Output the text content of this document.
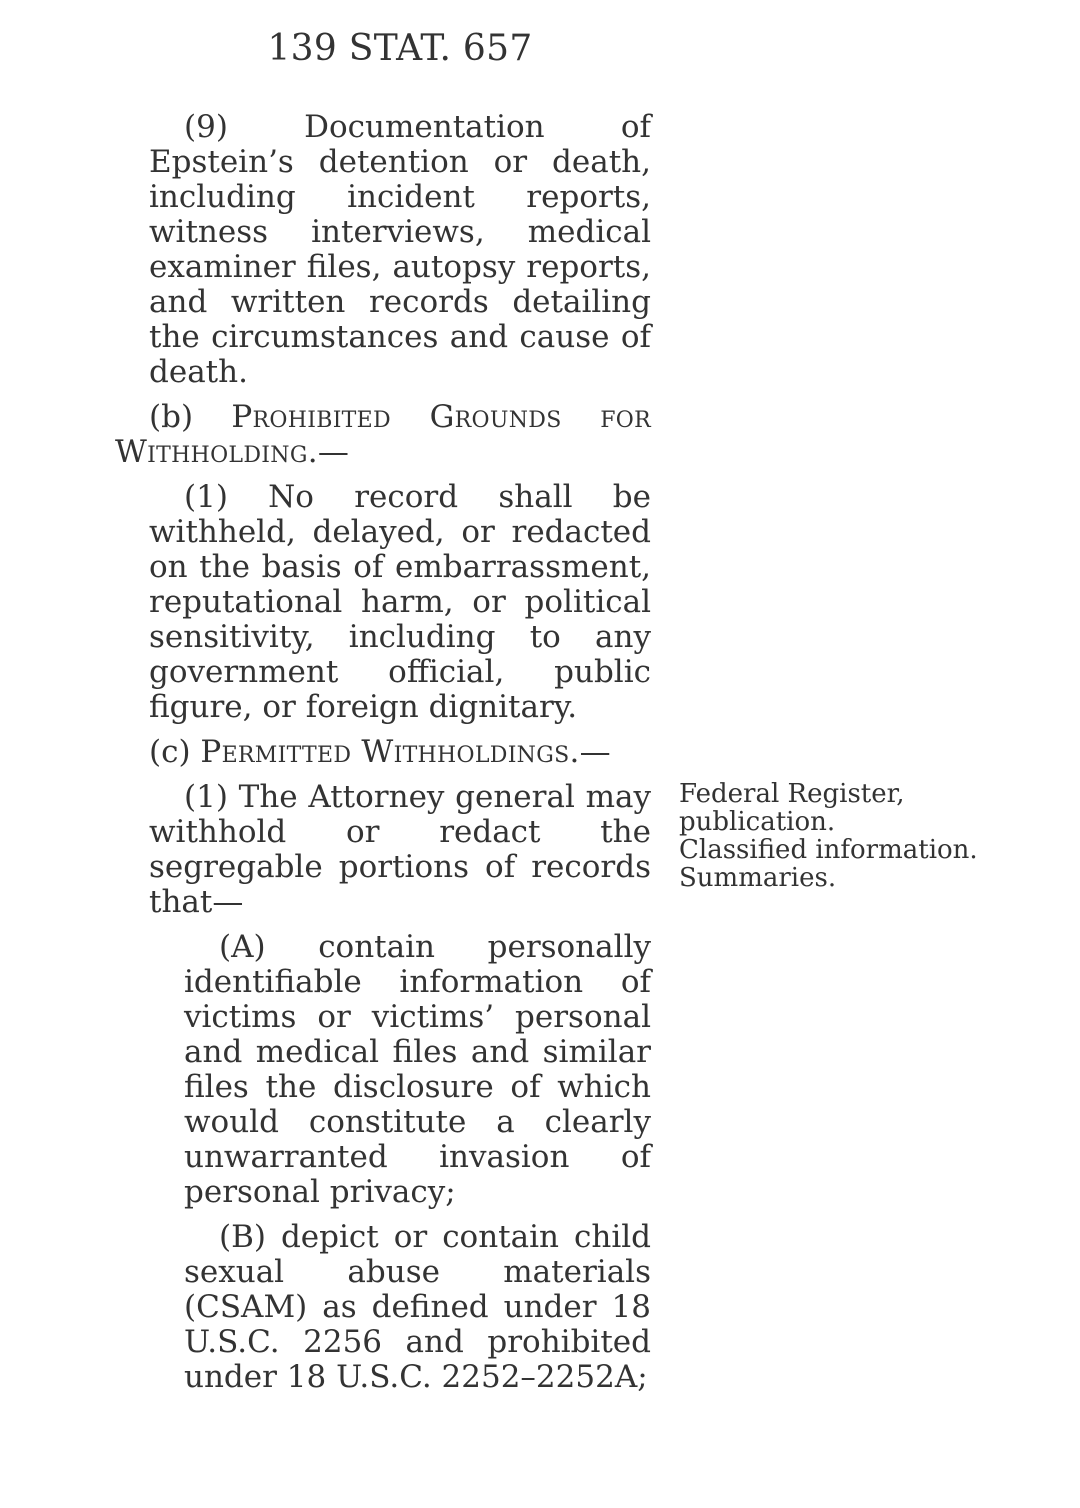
139 STAT. 657

(9) Documentation of Epstein’s detention or death, including incident reports, witness interviews, medical examiner files, autopsy reports, and written records detailing the circumstances and cause of death.

(b) Prohibited Grounds for Withholding.—

(1) No record shall be withheld, delayed, or redacted on the basis of embarrassment, reputational harm, or political sensitivity, including to any government official, public figure, or foreign dignitary.

(c) Permitted Withholdings.—

(1) The Attorney general may withhold or redact the segregable portions of records that—

(A) contain personally identifiable information of victims or victims’ personal and medical files and similar files the disclosure of which would constitute a clearly unwarranted invasion of personal privacy;

(B) depict or contain child sexual abuse materials (CSAM) as defined under 18 U.S.C. 2256 and prohibited under 18 U.S.C. 2252–2252A;

Federal Register,
publication.
Classified information.
Summaries.
